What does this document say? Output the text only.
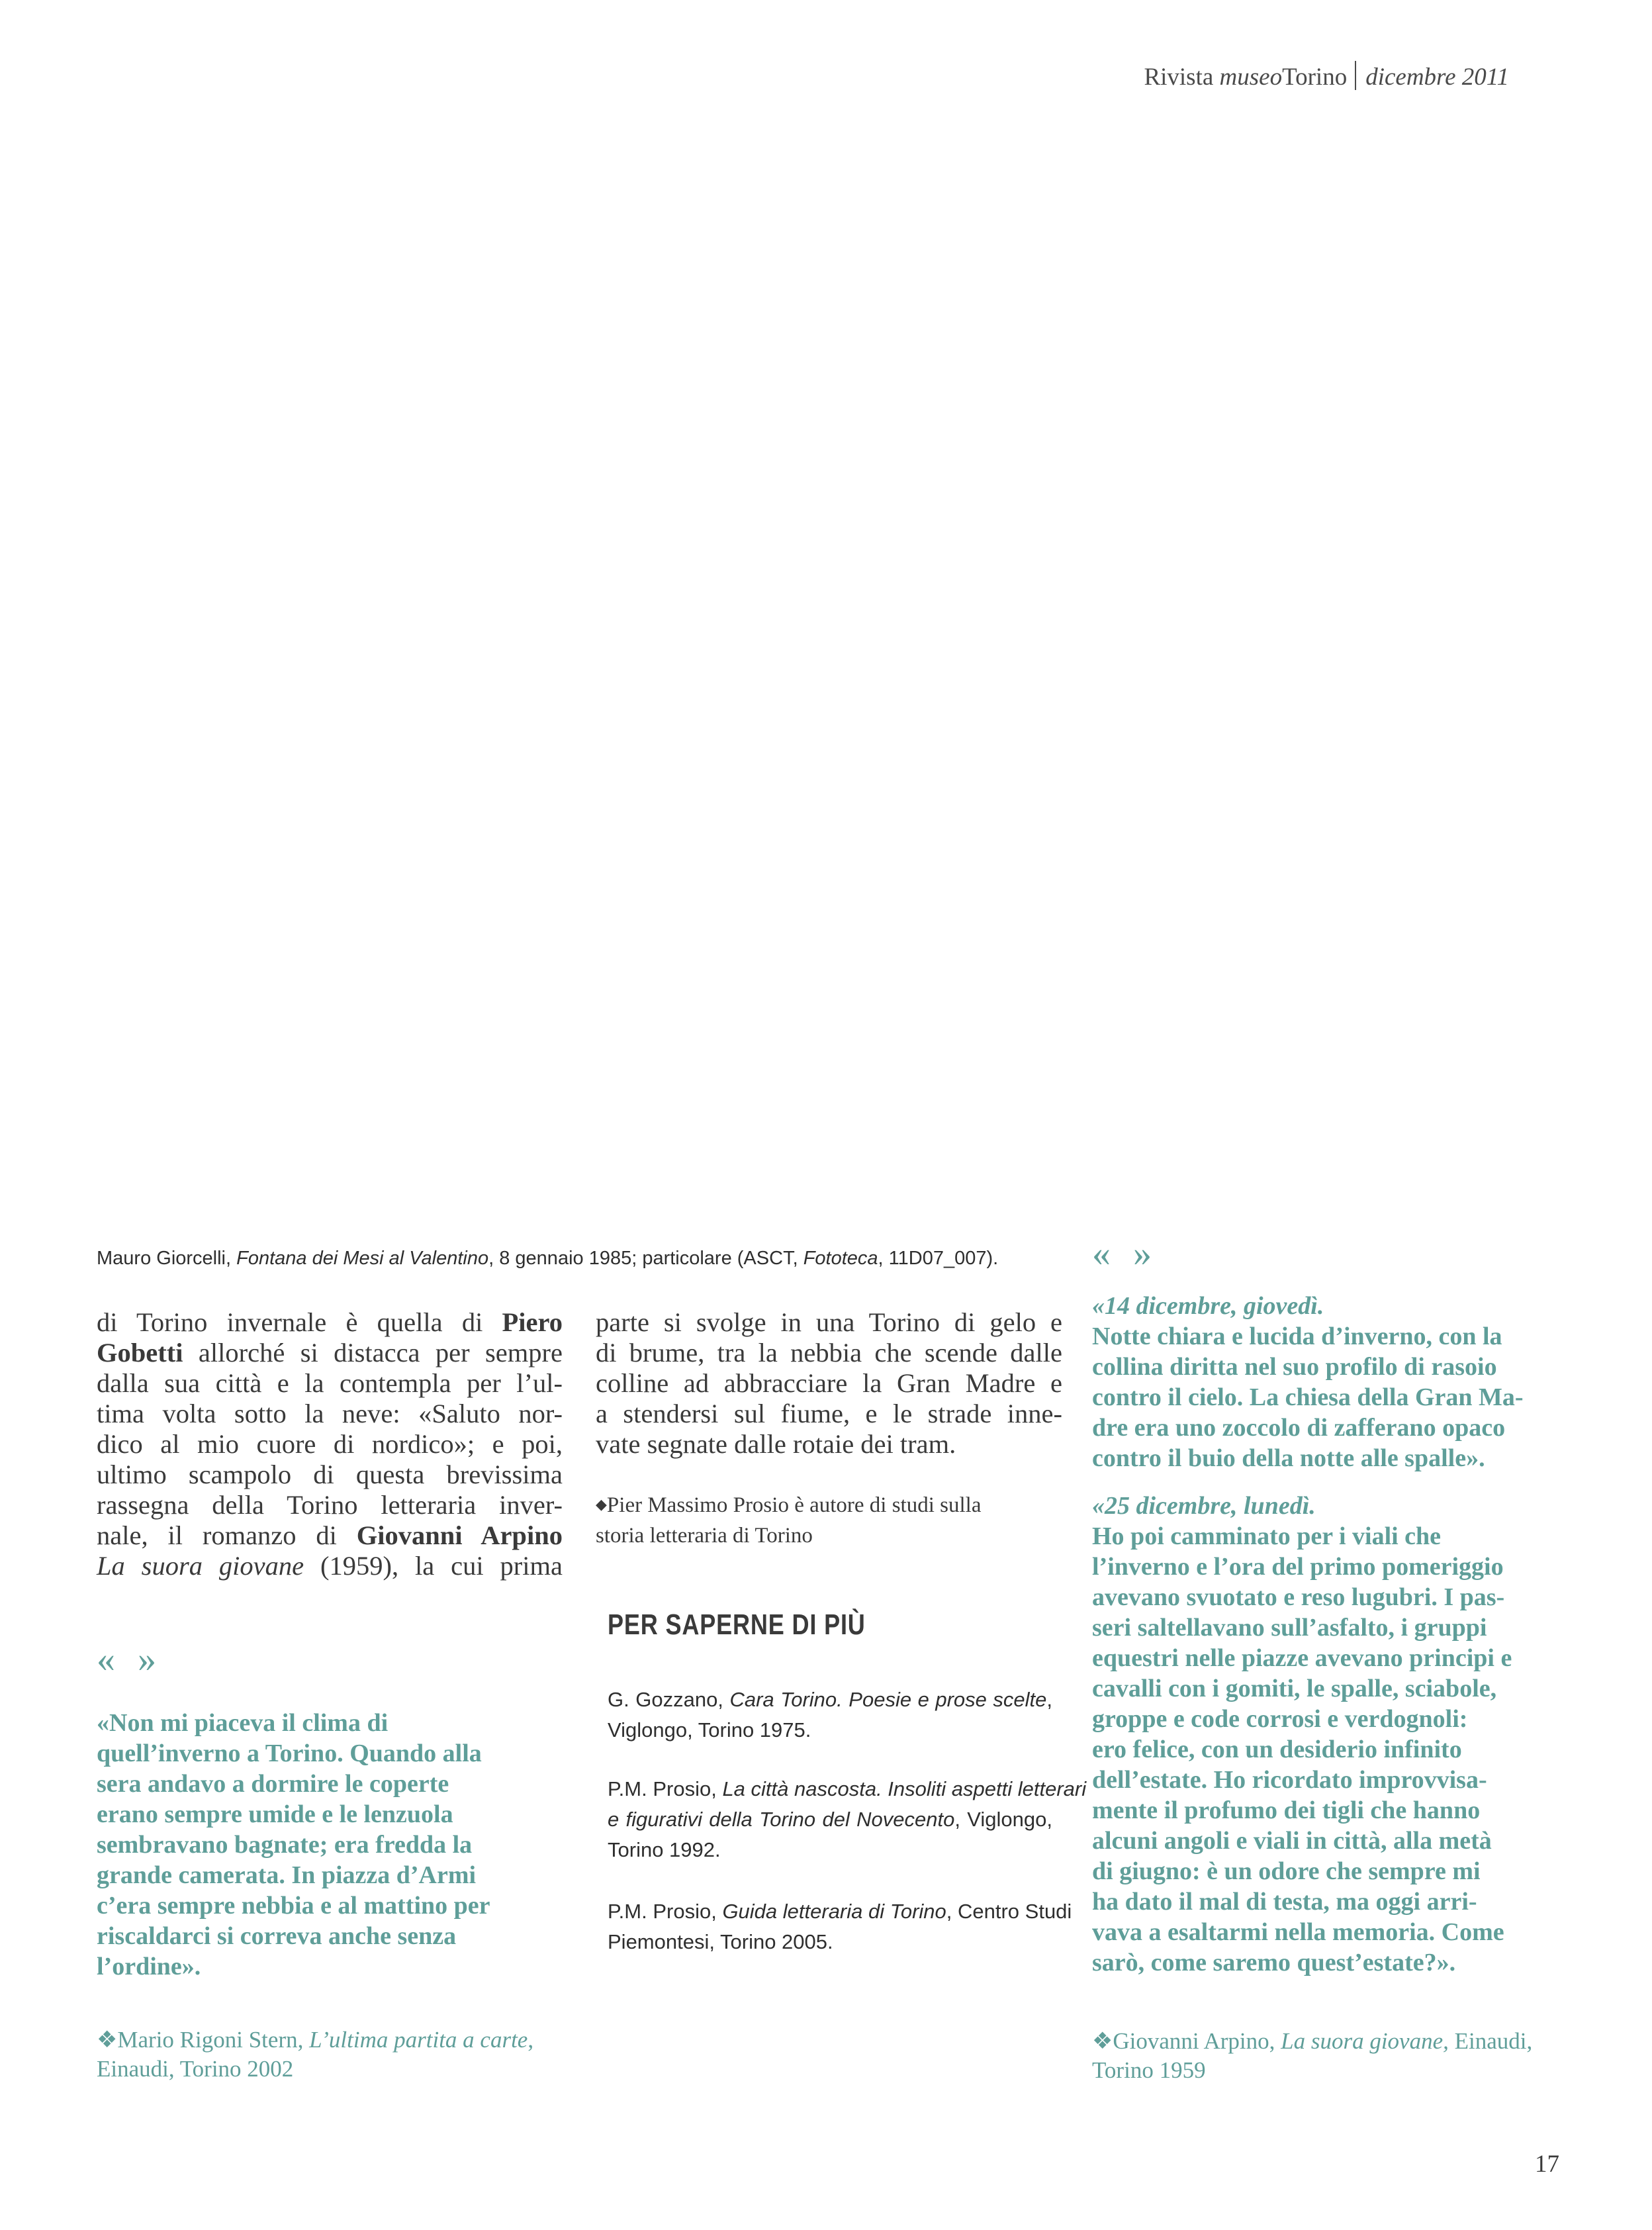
Rivista museoTorino dicembre 2011
Mauro Giorcelli, Fontana dei Mesi al Valentino, 8 gennaio 1985; particolare (ASCT, Fototeca, 11D07_007).
di Torino invernale è quella di Piero
Gobetti allorché si distacca per sempre
dalla sua città e la contempla per l’ul-
tima volta sotto la neve: «Saluto nor-
dico al mio cuore di nordico»; e poi,
ultimo scampolo di questa brevissima
rassegna della Torino letteraria inver-
nale, il romanzo di Giovanni Arpino
La suora giovane (1959), la cui prima
parte si svolge in una Torino di gelo e
di brume, tra la nebbia che scende dalle
colline ad abbracciare la Gran Madre e
a stendersi sul fiume, e le strade inne-
vate segnate dalle rotaie dei tram.
◆Pier Massimo Prosio è autore di studi sulla
storia letteraria di Torino
« »
«Non mi piaceva il clima di
quell’inverno a Torino. Quando alla
sera andavo a dormire le coperte
erano sempre umide e le lenzuola
sembravano bagnate; era fredda la
grande camerata. In piazza d’Armi
c’era sempre nebbia e al mattino per
riscaldarci si correva anche senza
l’ordine».
❖Mario Rigoni Stern, L’ultima partita a carte,
Einaudi, Torino 2002
PER SAPERNE DI PIÙ
G. Gozzano, Cara Torino. Poesie e prose scelte,
Viglongo, Torino 1975.
P.M. Prosio, La città nascosta. Insoliti aspetti letterari
e figurativi della Torino del Novecento, Viglongo,
Torino 1992.
P.M. Prosio, Guida letteraria di Torino, Centro Studi
Piemontesi, Torino 2005.
« »
«14 dicembre, giovedì.
Notte chiara e lucida d’inverno, con la
collina diritta nel suo profilo di rasoio
contro il cielo. La chiesa della Gran Ma-
dre era uno zoccolo di zafferano opaco
contro il buio della notte alle spalle».
«25 dicembre, lunedì.
Ho poi camminato per i viali che
l’inverno e l’ora del primo pomeriggio
avevano svuotato e reso lugubri. I pas-
seri saltellavano sull’asfalto, i gruppi
equestri nelle piazze avevano principi e
cavalli con i gomiti, le spalle, sciabole,
groppe e code corrosi e verdognoli:
ero felice, con un desiderio infinito
dell’estate. Ho ricordato improvvisa-
mente il profumo dei tigli che hanno
alcuni angoli e viali in città, alla metà
di giugno: è un odore che sempre mi
ha dato il mal di testa, ma oggi arri-
vava a esaltarmi nella memoria. Come
sarò, come saremo quest’estate?».
❖Giovanni Arpino, La suora giovane, Einaudi,
Torino 1959
17
